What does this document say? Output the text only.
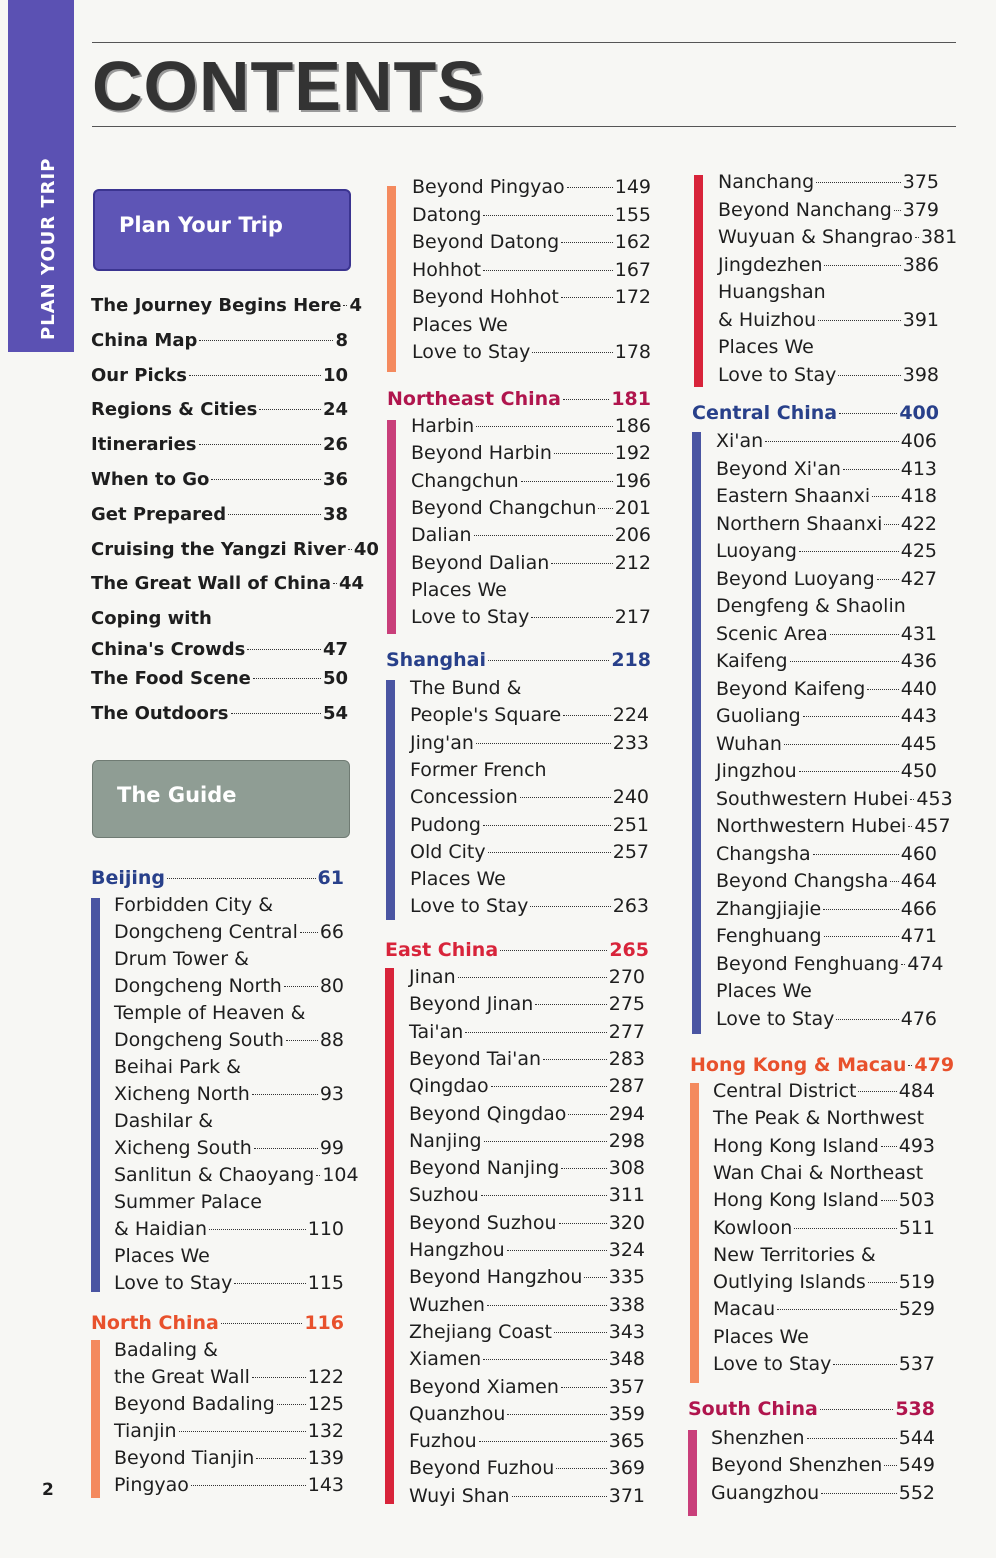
PLAN YOUR TRIP
CONTENTS
Plan Your Trip
The Guide
The Journey Begins Here 4
China Map	8
Our Picks	10
Regions & Cities	24
Itineraries	26
When to Go	36
Get Prepared	38
Cruising the Yangzi River 40
The Great Wall of China 44
Coping with
China's Crowds	47
The Food Scene	50
The Outdoors	54
Beijing	61
North China	116
Northeast China	181
Shanghai	218
East China	265
Central China	400
Hong Kong & Macau 479
South China	538
Forbidden City &
Dongcheng Central 66
Drum Tower &
Dongcheng North 80
Temple of Heaven &
Dongcheng South 88
Beihai Park &
Xicheng North	93
Dashilar &
Xicheng South	99
Sanlitun & Chaoyang 104
Summer Palace
& Haidian	110
Places We
Love to Stay	115
Badaling &
the Great Wall	122
Beyond Badaling 125
Tianjin	132
Beyond Tianjin	139
Pingyao	143
Beyond Pingyao	149
Datong	155
Beyond Datong	162
Hohhot	167
Beyond Hohhot	172
Places We
Love to Stay	178
Harbin	186
Beyond Harbin	192
Changchun	196
Beyond Changchun 201
Dalian	206
Beyond Dalian	212
Places We
Love to Stay	217
The Bund &
People's Square	224
Jing'an	233
Former French
Concession	240
Pudong	251
Old City	257
Places We
Love to Stay	263
Jinan	270
Beyond Jinan	275
Tai'an	277
Beyond Tai'an	283
Qingdao	287
Beyond Qingdao 294
Nanjing	298
Beyond Nanjing	308
Suzhou	311
Beyond Suzhou	320
Hangzhou	324
Beyond Hangzhou 335
Wuzhen	338
Zhejiang Coast	343
Xiamen	348
Beyond Xiamen	357
Quanzhou	359
Fuzhou	365
Beyond Fuzhou	369
Wuyi Shan	371
Nanchang	375
Beyond Nanchang 379
Wuyuan & Shangrao 381
Jingdezhen	386
Huangshan
& Huizhou	391
Places We
Love to Stay	398
Xi'an	406
Beyond Xi'an	413
Eastern Shaanxi 418
Northern Shaanxi 422
Luoyang	425
Beyond Luoyang 427
Dengfeng & Shaolin
Scenic Area	431
Kaifeng	436
Beyond Kaifeng 440
Guoliang	443
Wuhan	445
Jingzhou	450
Southwestern Hubei 453
Northwestern Hubei 457
Changsha	460
Beyond Changsha 464
Zhangjiajie	466
Fenghuang	471
Beyond Fenghuang 474
Places We
Love to Stay	476
Central District 484
The Peak & Northwest
Hong Kong Island 493
Wan Chai & Northeast
Hong Kong Island 503
Kowloon	511
New Territories &
Outlying Islands 519
Macau	529
Places We
Love to Stay	537
Shenzhen	544
Beyond Shenzhen 549
Guangzhou	552
2
